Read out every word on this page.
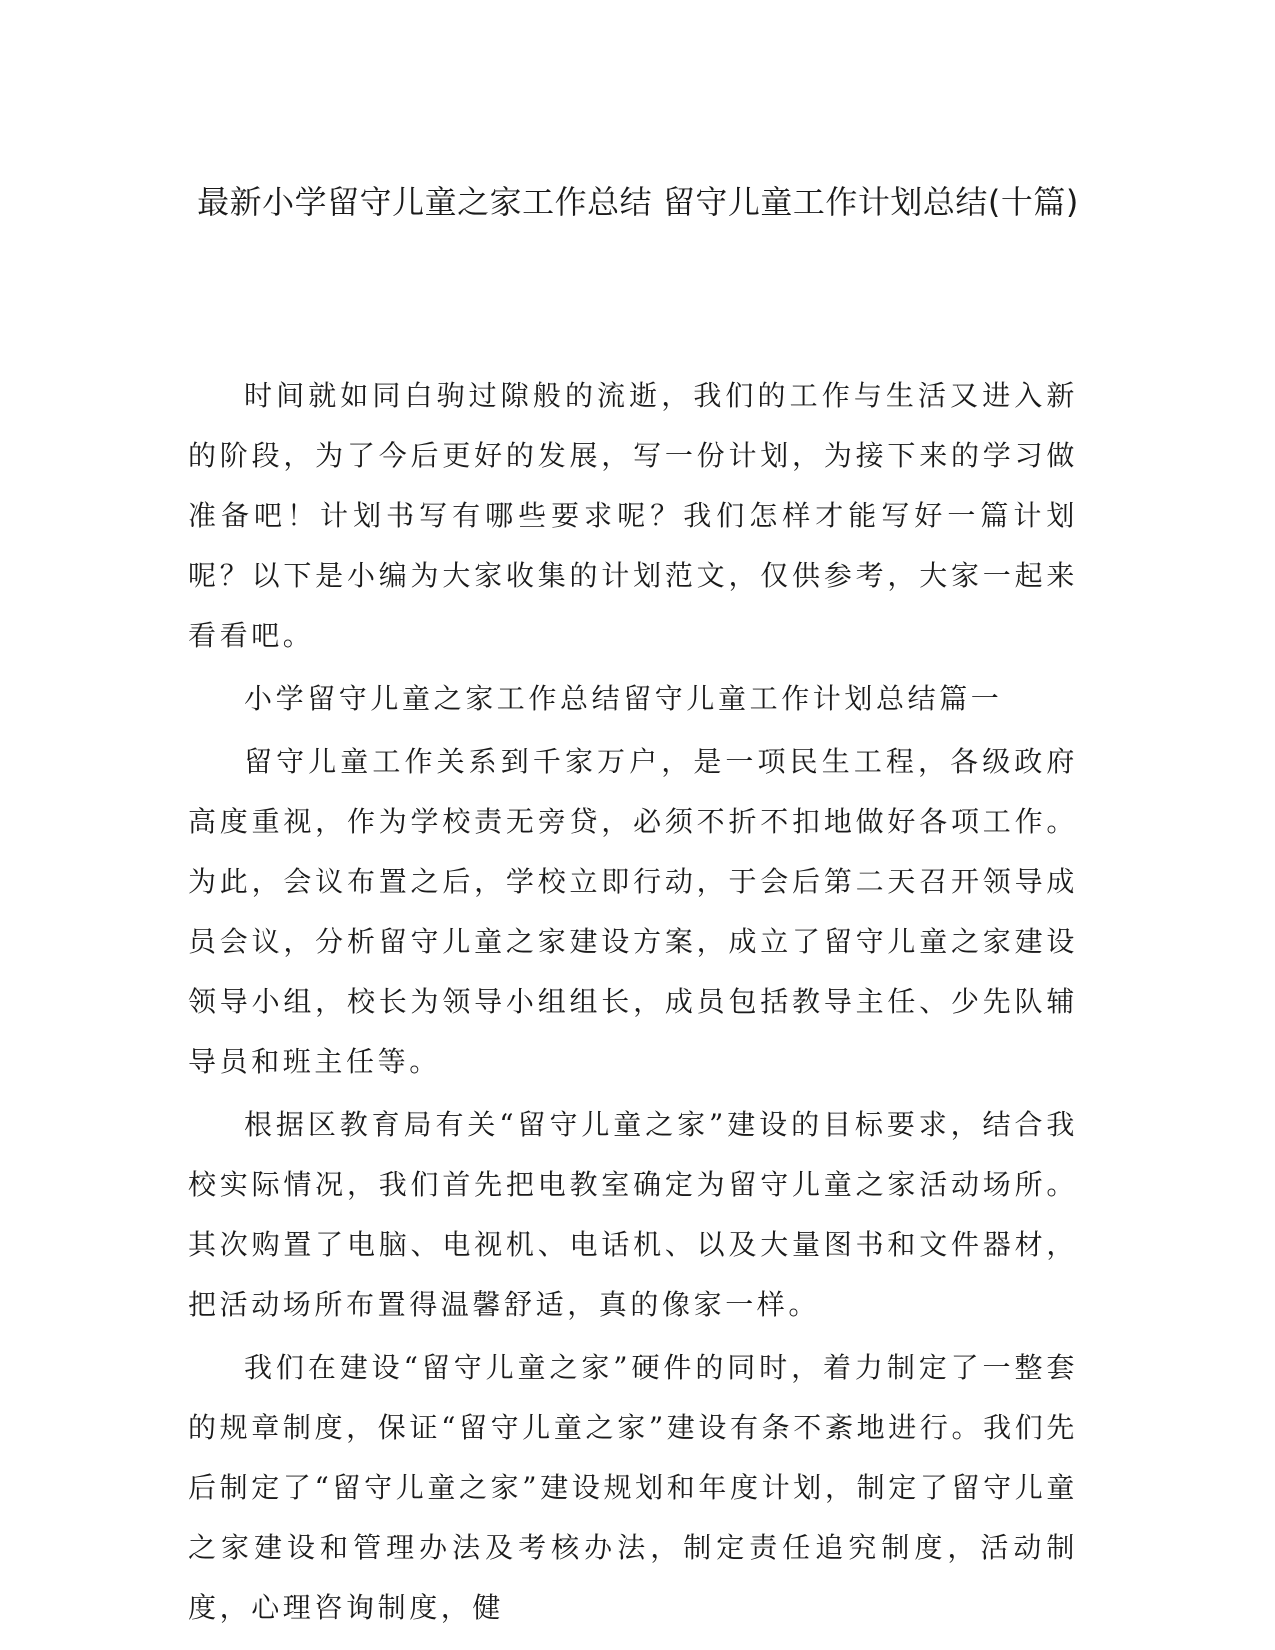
最新小学留守儿童之家工作总结 留守儿童工作计划总结(十篇)

时间就如同白驹过隙般的流逝，我们的工作与生活又进入新的阶段，为了今后更好的发展，写一份计划，为接下来的学习做准备吧！计划书写有哪些要求呢？我们怎样才能写好一篇计划呢？以下是小编为大家收集的计划范文，仅供参考，大家一起来看看吧。

小学留守儿童之家工作总结留守儿童工作计划总结篇一

留守儿童工作关系到千家万户，是一项民生工程，各级政府高度重视，作为学校责无旁贷，必须不折不扣地做好各项工作。为此，会议布置之后，学校立即行动，于会后第二天召开领导成员会议，分析留守儿童之家建设方案，成立了留守儿童之家建设领导小组，校长为领导小组组长，成员包括教导主任、少先队辅导员和班主任等。

根据区教育局有关“留守儿童之家”建设的目标要求，结合我校实际情况，我们首先把电教室确定为留守儿童之家活动场所。其次购置了电脑、电视机、电话机、以及大量图书和文件器材，把活动场所布置得温馨舒适，真的像家一样。

我们在建设“留守儿童之家”硬件的同时，着力制定了一整套的规章制度，保证“留守儿童之家”建设有条不紊地进行。我们先后制定了“留守儿童之家”建设规划和年度计划，制定了留守儿童之家建设和管理办法及考核办法，制定责任追究制度，活动制度，心理咨询制度，健
